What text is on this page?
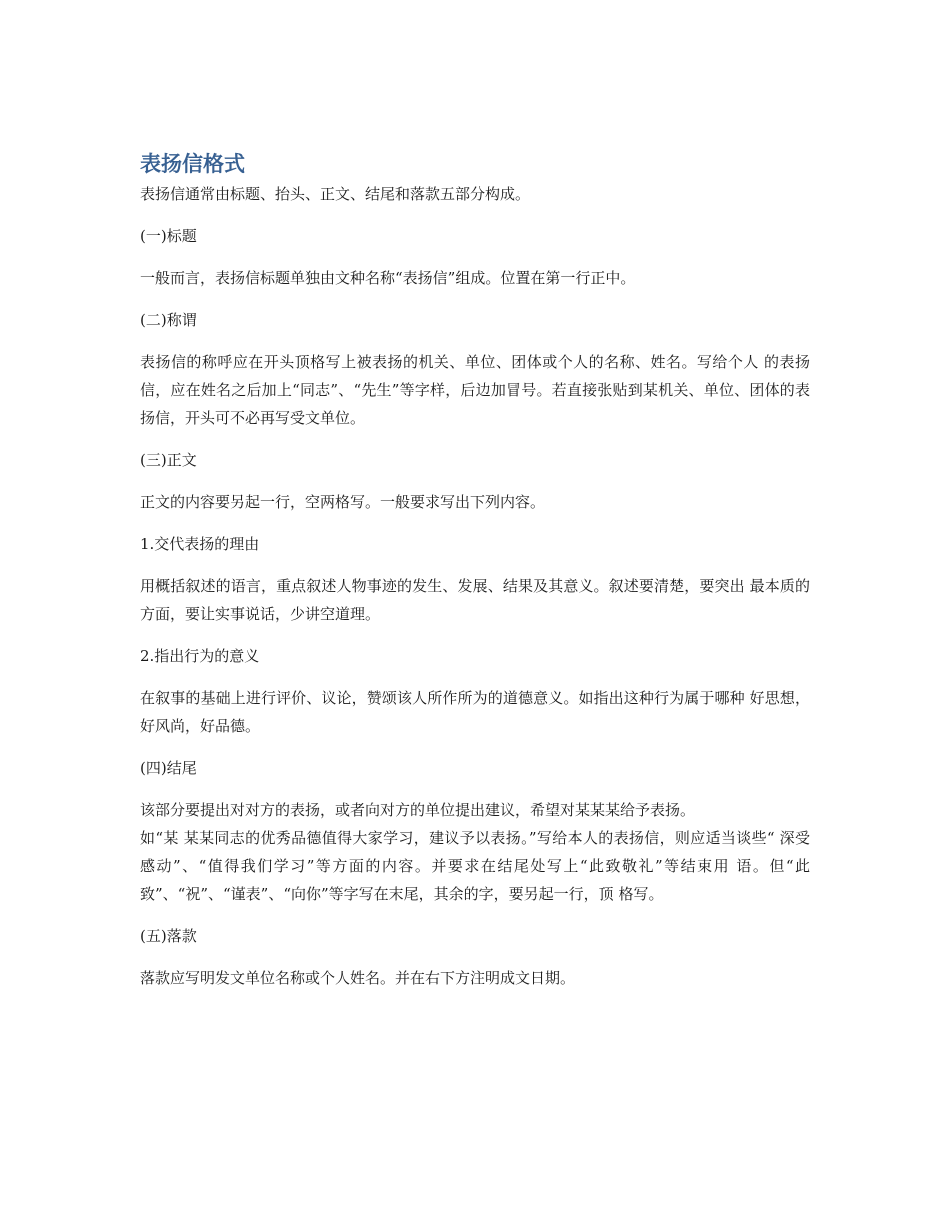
表扬信格式

表扬信通常由标题、抬头、正文、结尾和落款五部分构成。

(一)标题

一般而言，表扬信标题单独由文种名称“表扬信”组成。位置在第一行正中。

(二)称谓

表扬信的称呼应在开头顶格写上被表扬的机关、单位、团体或个人的名称、姓名。写给个人 的表扬信，应在姓名之后加上“同志”、“先生”等字样，后边加冒号。若直接张贴到某机关、单位、团体的表扬信，开头可不必再写受文单位。

(三)正文

正文的内容要另起一行，空两格写。一般要求写出下列内容。

1.交代表扬的理由

用概括叙述的语言，重点叙述人物事迹的发生、发展、结果及其意义。叙述要清楚，要突出 最本质的方面，要让实事说话，少讲空道理。

2.指出行为的意义

在叙事的基础上进行评价、议论，赞颂该人所作所为的道德意义。如指出这种行为属于哪种 好思想，好风尚，好品德。

(四)结尾

该部分要提出对对方的表扬，或者向对方的单位提出建议，希望对某某某给予表扬。

如“某 某某同志的优秀品德值得大家学习，建议予以表扬。”写给本人的表扬信，则应适当谈些“ 深受感动”、“值得我们学习”等方面的内容。并要求在结尾处写上“此致敬礼”等结束用 语。但“此致”、“祝”、“谨表”、“向你”等字写在末尾，其余的字，要另起一行，顶 格写。

(五)落款

落款应写明发文单位名称或个人姓名。并在右下方注明成文日期。
